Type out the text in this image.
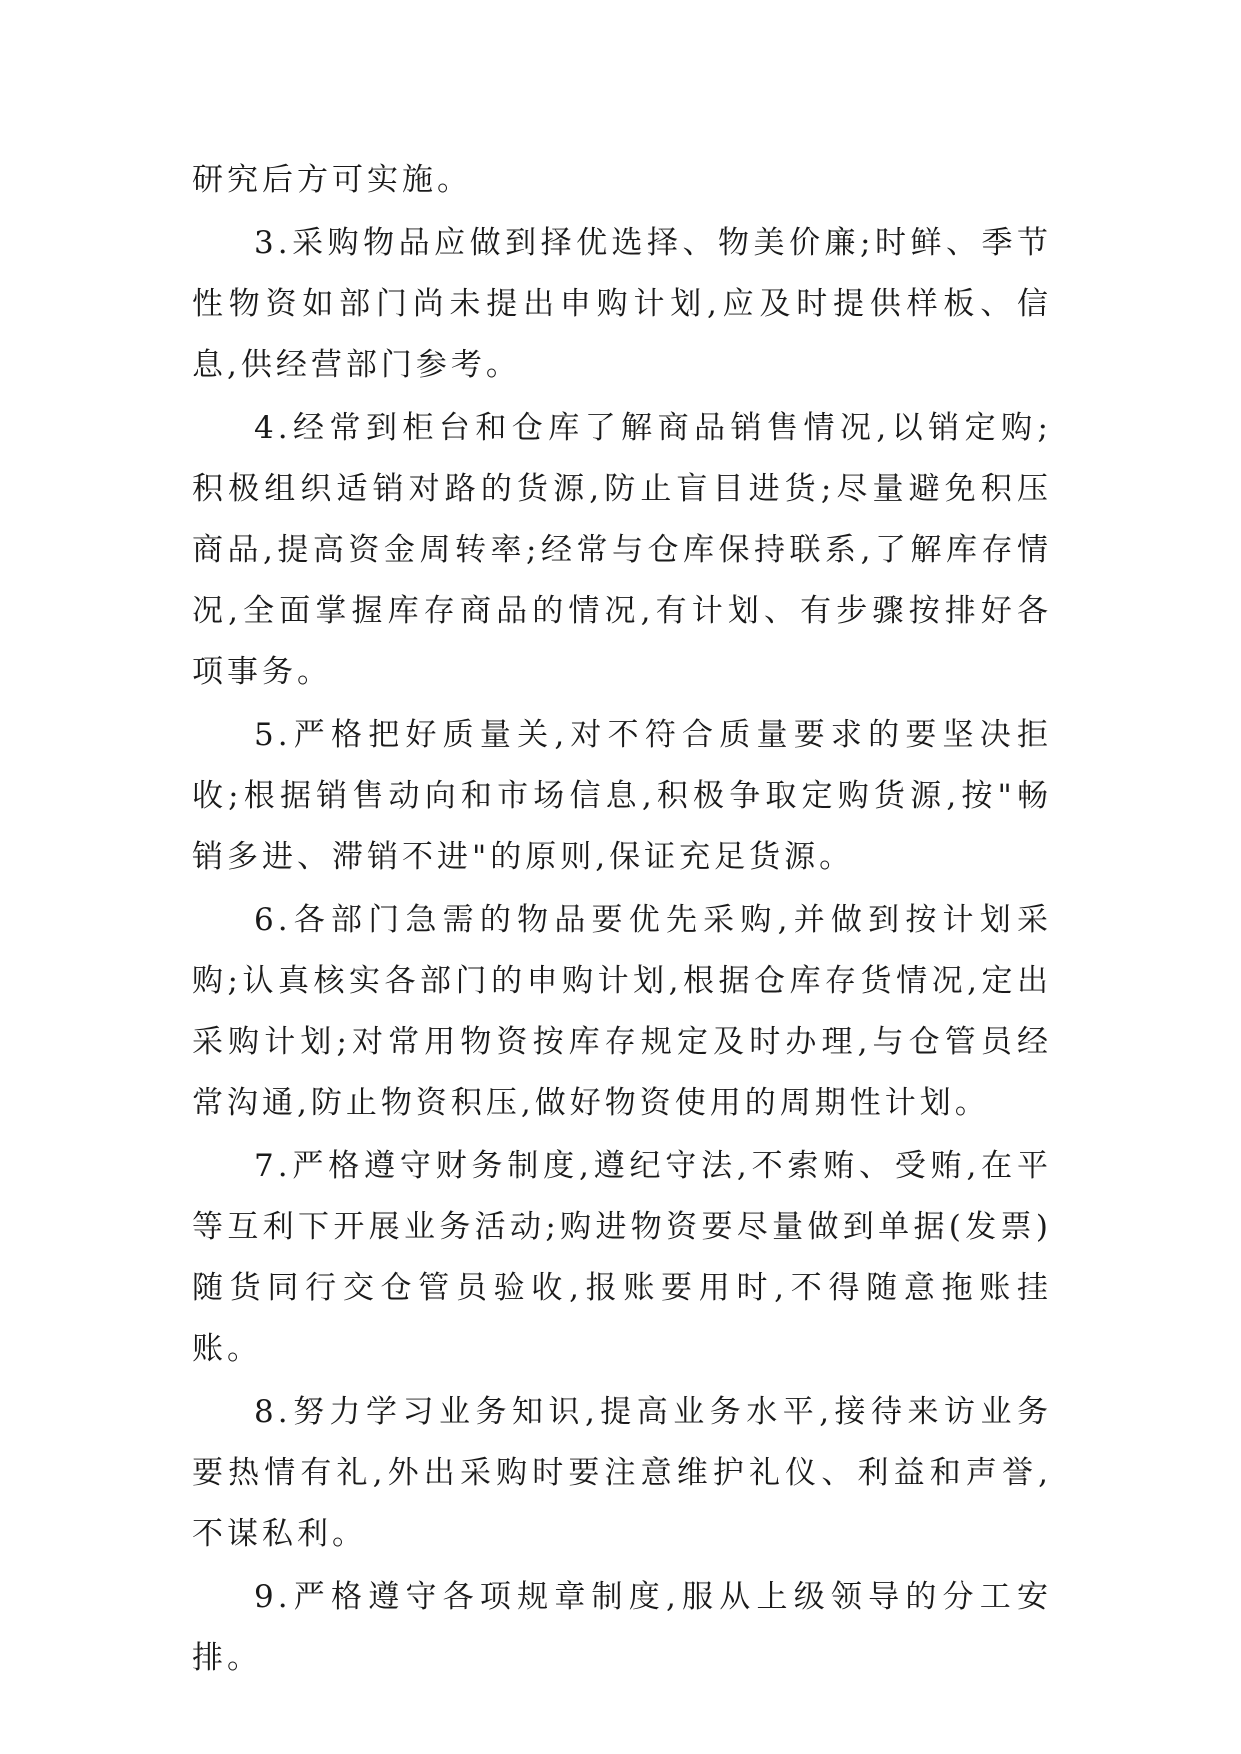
研究后方可实施。

3.采购物品应做到择优选择、物美价廉;时鲜、季节性物资如部门尚未提出申购计划,应及时提供样板、信息,供经营部门参考。

4.经常到柜台和仓库了解商品销售情况,以销定购;积极组织适销对路的货源,防止盲目进货;尽量避免积压商品,提高资金周转率;经常与仓库保持联系,了解库存情况,全面掌握库存商品的情况,有计划、有步骤按排好各项事务。

5.严格把好质量关,对不符合质量要求的要坚决拒收;根据销售动向和市场信息,积极争取定购货源,按"畅销多进、滞销不进"的原则,保证充足货源。

6.各部门急需的物品要优先采购,并做到按计划采购;认真核实各部门的申购计划,根据仓库存货情况,定出采购计划;对常用物资按库存规定及时办理,与仓管员经常沟通,防止物资积压,做好物资使用的周期性计划。

7.严格遵守财务制度,遵纪守法,不索贿、受贿,在平等互利下开展业务活动;购进物资要尽量做到单据(发票)随货同行交仓管员验收,报账要用时,不得随意拖账挂账。

8.努力学习业务知识,提高业务水平,接待来访业务要热情有礼,外出采购时要注意维护礼仪、利益和声誉,不谋私利。

9.严格遵守各项规章制度,服从上级领导的分工安排。
